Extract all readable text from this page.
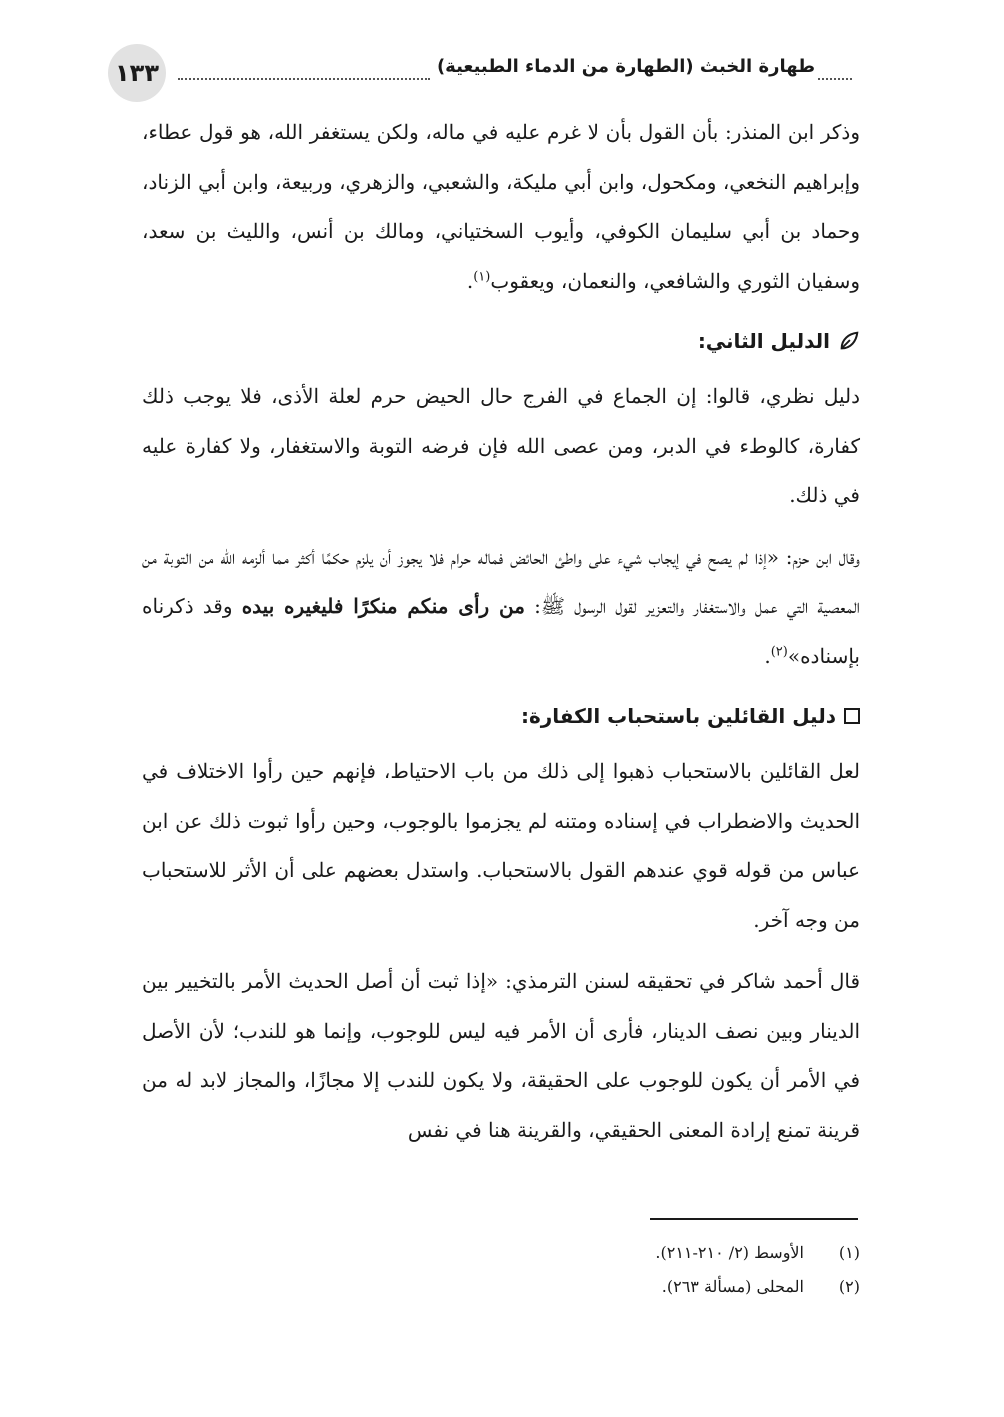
١٣٣	طهارة الخبث (الطهارة من الدماء الطبيعية)

وذكر ابن المنذر: بأن القول بأن لا غرم عليه في ماله، ولكن يستغفر الله، هو قول عطاء، وإبراهيم النخعي، ومكحول، وابن أبي مليكة، والشعبي، والزهري، وربيعة، وابن أبي الزناد، وحماد بن أبي سليمان الكوفي، وأيوب السختياني، ومالك بن أنس، والليث بن سعد، وسفيان الثوري والشافعي، والنعمان، ويعقوب$^{(١)}$.

الدليل الثاني:

دليل نظري، قالوا: إن الجماع في الفرج حال الحيض حرم لعلة الأذى، فلا يوجب ذلك كفارة، كالوطء في الدبر، ومن عصى الله فإن فرضه التوبة والاستغفار، ولا كفارة عليه في ذلك.

وقال ابن حزم: «إذا لم يصح في إيجاب شيء على واطئ الحائض فماله حرام فلا يجوز أن يلزم حكمًا أكثر مما ألزمه الله من التوبة من المعصية التي عمل والاستغفار والتعزير لقول الرسول ﷺ: من رأى منكم منكرًا فليغيره بيده وقد ذكرناه بإسناده»$^{(٢)}$.

دليل القائلين باستحباب الكفارة:

لعل القائلين بالاستحباب ذهبوا إلى ذلك من باب الاحتياط، فإنهم حين رأوا الاختلاف في الحديث والاضطراب في إسناده ومتنه لم يجزموا بالوجوب، وحين رأوا ثبوت ذلك عن ابن عباس من قوله قوي عندهم القول بالاستحباب. واستدل بعضهم على أن الأثر للاستحباب من وجه آخر.

قال أحمد شاكر في تحقيقه لسنن الترمذي: «إذا ثبت أن أصل الحديث الأمر بالتخيير بين الدينار وبين نصف الدينار، فأرى أن الأمر فيه ليس للوجوب، وإنما هو للندب؛ لأن الأصل في الأمر أن يكون للوجوب على الحقيقة، ولا يكون للندب إلا مجازًا، والمجاز لابد له من قرينة تمنع إرادة المعنى الحقيقي، والقرينة هنا في نفس

(١)
الأوسط (٢/ ٢١٠-٢١١).
(٢)
المحلى (مسألة ٢٦٣).
